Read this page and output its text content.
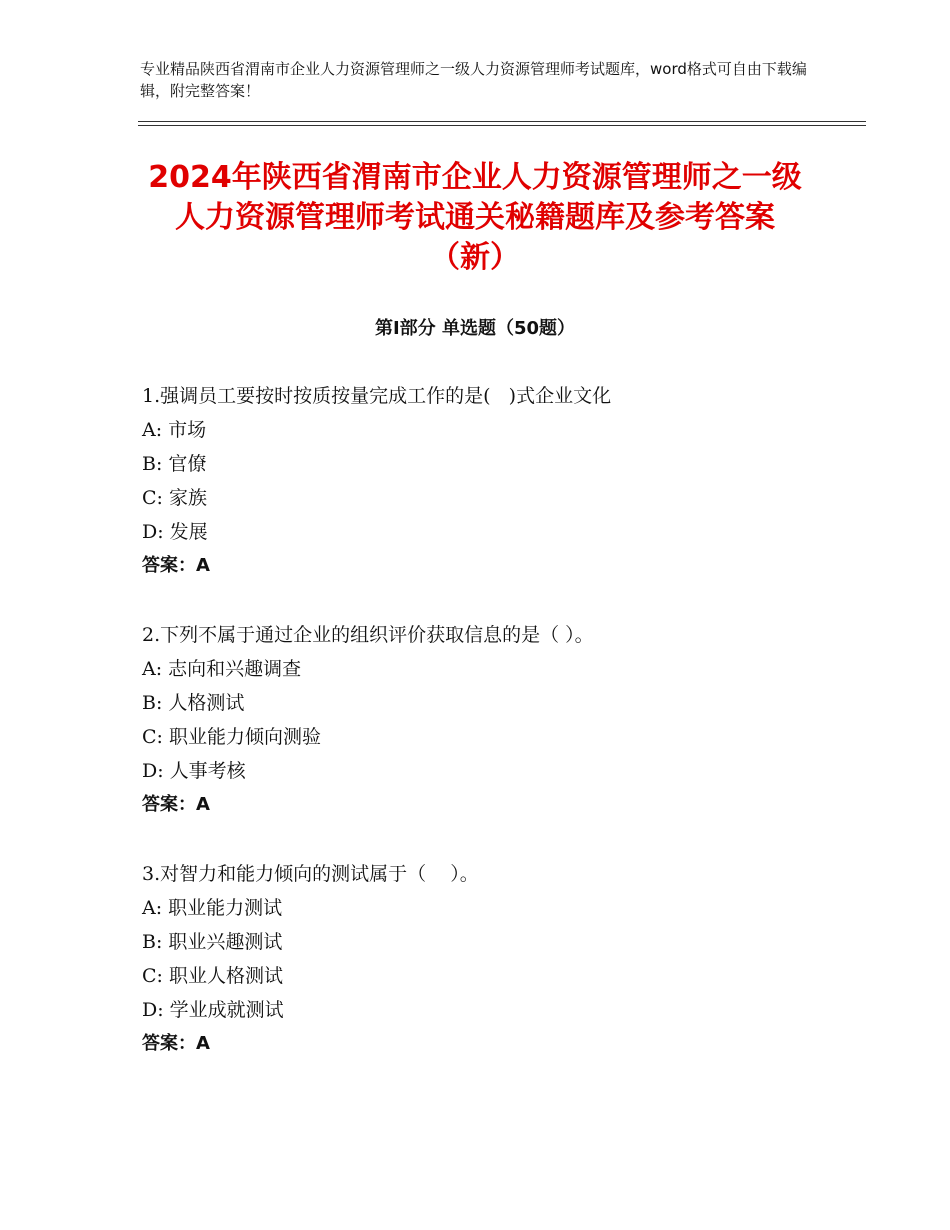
专业精品陕西省渭南市企业人力资源管理师之一级人力资源管理师考试题库，word格式可自由下载编辑，附完整答案！
2024年陕西省渭南市企业人力资源管理师之一级人力资源管理师考试通关秘籍题库及参考答案（新）
第Ⅰ部分 单选题（50题）
1.强调员工要按时按质按量完成工作的是(   )式企业文化
A: 市场
B: 官僚
C: 家族
D: 发展
答案：A
2.下列不属于通过企业的组织评价获取信息的是（ ）。
A: 志向和兴趣调查
B: 人格测试
C: 职业能力倾向测验
D: 人事考核
答案：A
3.对智力和能力倾向的测试属于（    ）。
A: 职业能力测试
B: 职业兴趣测试
C: 职业人格测试
D: 学业成就测试
答案：A
